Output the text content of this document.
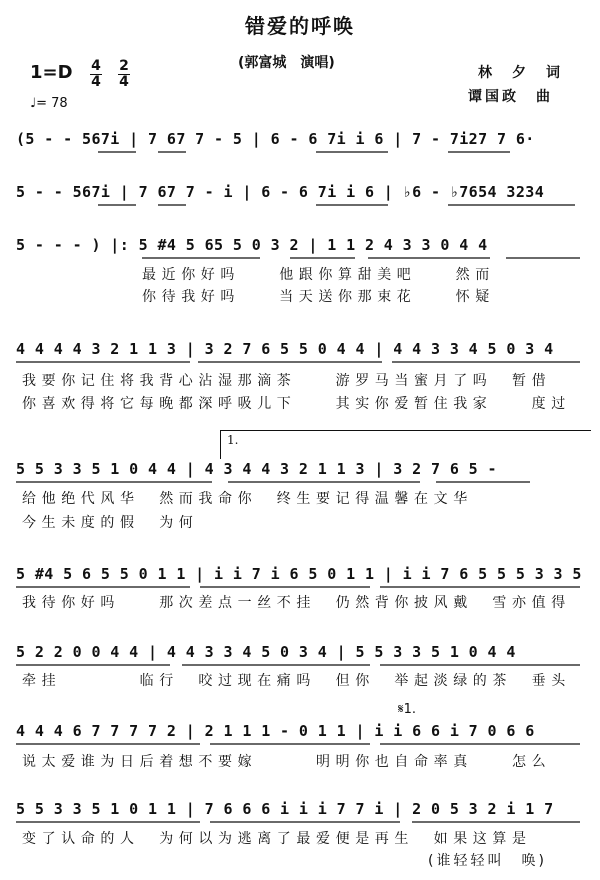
错爱的呼唤
1=D 4
4
2
4
♩= 78
(郭富城　演唱)
林　夕　词
谭国政　曲
(5 - - 567i | 7 67 7 - 5 | 6 - 6 7i i 6 | 7 - 7i27 7 6·
5 - - 567i | 7 67 7 - i | 6 - 6 7i i 6 | ♭6 - ♭7654 3234
5 - - - ) |: 5 #4 5 65 5 0 3 2 | 1 1 2 4 3 3 0 4 4
最近你好吗　　他跟你算甜美吧　　然而
你待我好吗　　当天送你那束花　　怀疑
4 4 4 4 3 2 1 1 3 | 3 2 7 6 5 5 0 4 4 | 4 4 3 3 4 5 0 3 4
我要你记住将我背心沾湿那滴茶　　游罗马当蜜月了吗　暂借
你喜欢得将它每晚都深呼吸儿下　　其实你爱暂住我家　　度过
1.
5 5 3 3 5 1 0 4 4 | 4 3 4 4 3 2 1 1 3 | 3 2 7 6 5 -
给他绝代风华　然而我命你　终生要记得温馨在文华
今生未度的假　为何
5 #4 5 6 5 5 0 1 1 | i i 7 i 6 5 0 1 1 | i i 7 6 5 5 5 3 3 5
我待你好吗　　那次差点一丝不挂　仍然背你披风戴　雪亦值得
5 2 2 0 0 4 4 | 4 4 3 3 4 5 0 3 4 | 5 5 3 3 5 1 0 4 4
牵挂　　　　临行　咬过现在痛吗　但你　举起淡绿的茶　垂头
𝄋1.
4 4 4 6 7 7 7 7 2 | 2 1 1 1 - 0 1 1 | i i 6 6 i 7 0 6 6
说太爱谁为日后着想不要嫁　　　明明你也自命率真　　怎么
5 5 3 3 5 1 0 1 1 | 7 6 6 6 i i i 7 7 i | 2 0 5 3 2 i 1 7
变了认命的人　为何以为逃离了最爱便是再生　如果这算是
(谁轻轻叫　唤)
